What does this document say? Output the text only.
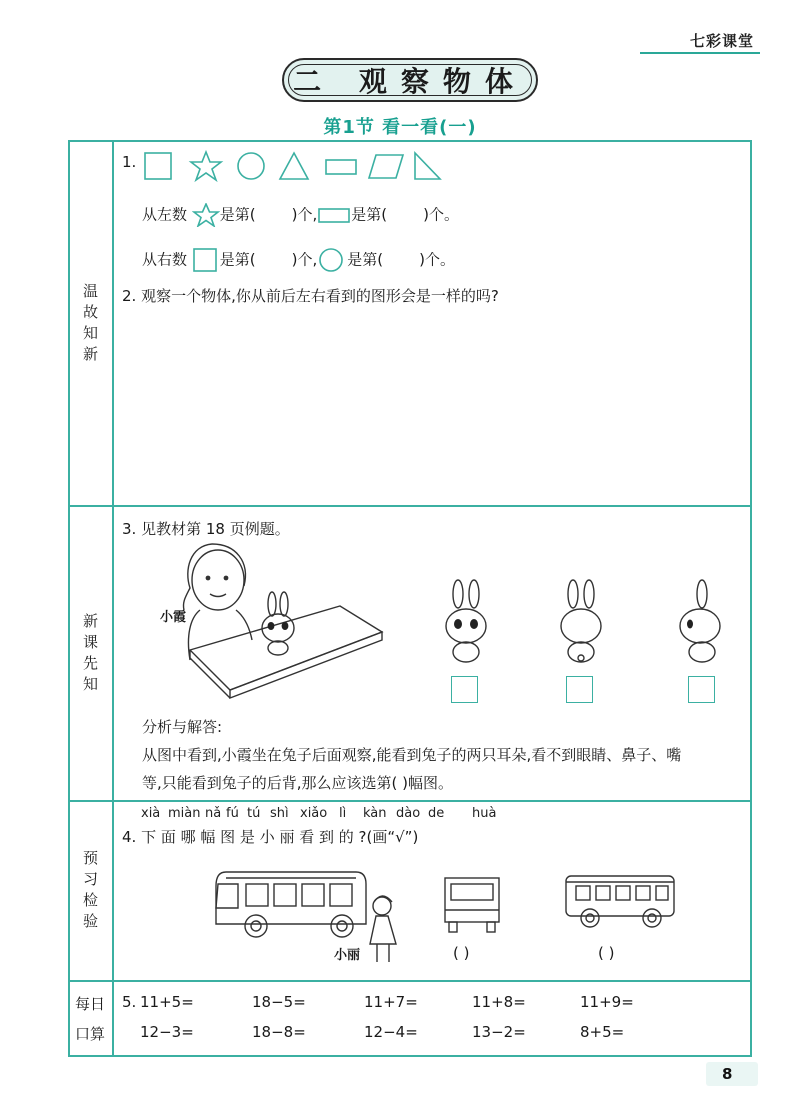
七彩课堂
二 观察物体
第1节 看一看(一)
温故知新
新课先知
预习检验
每日口算
1.
从左数 是第( )个, 是第( )个。
从右数 是第( )个, 是第( )个。
2. 观察一个物体,你从前后左右看到的图形会是一样的吗?
3. 见教材第 18 页例题。
小霞
分析与解答:
从图中看到,小霞坐在兔子后面观察,能看到兔子的两只耳朵,看不到眼睛、鼻子、嘴
等,只能看到兔子的后背,那么应该选第( )幅图。
xià miàn nǎ fú tú shì xiǎo lì kàn dào de huà
4. 下 面 哪 幅 图 是 小 丽 看 到 的 ?(画“√”)
小丽	( )	( )
5. 11+5=	18−5=	11+7=	11+8=	11+9=
12−3=	18−8=	12−4=	13−2=	8+5=
8
